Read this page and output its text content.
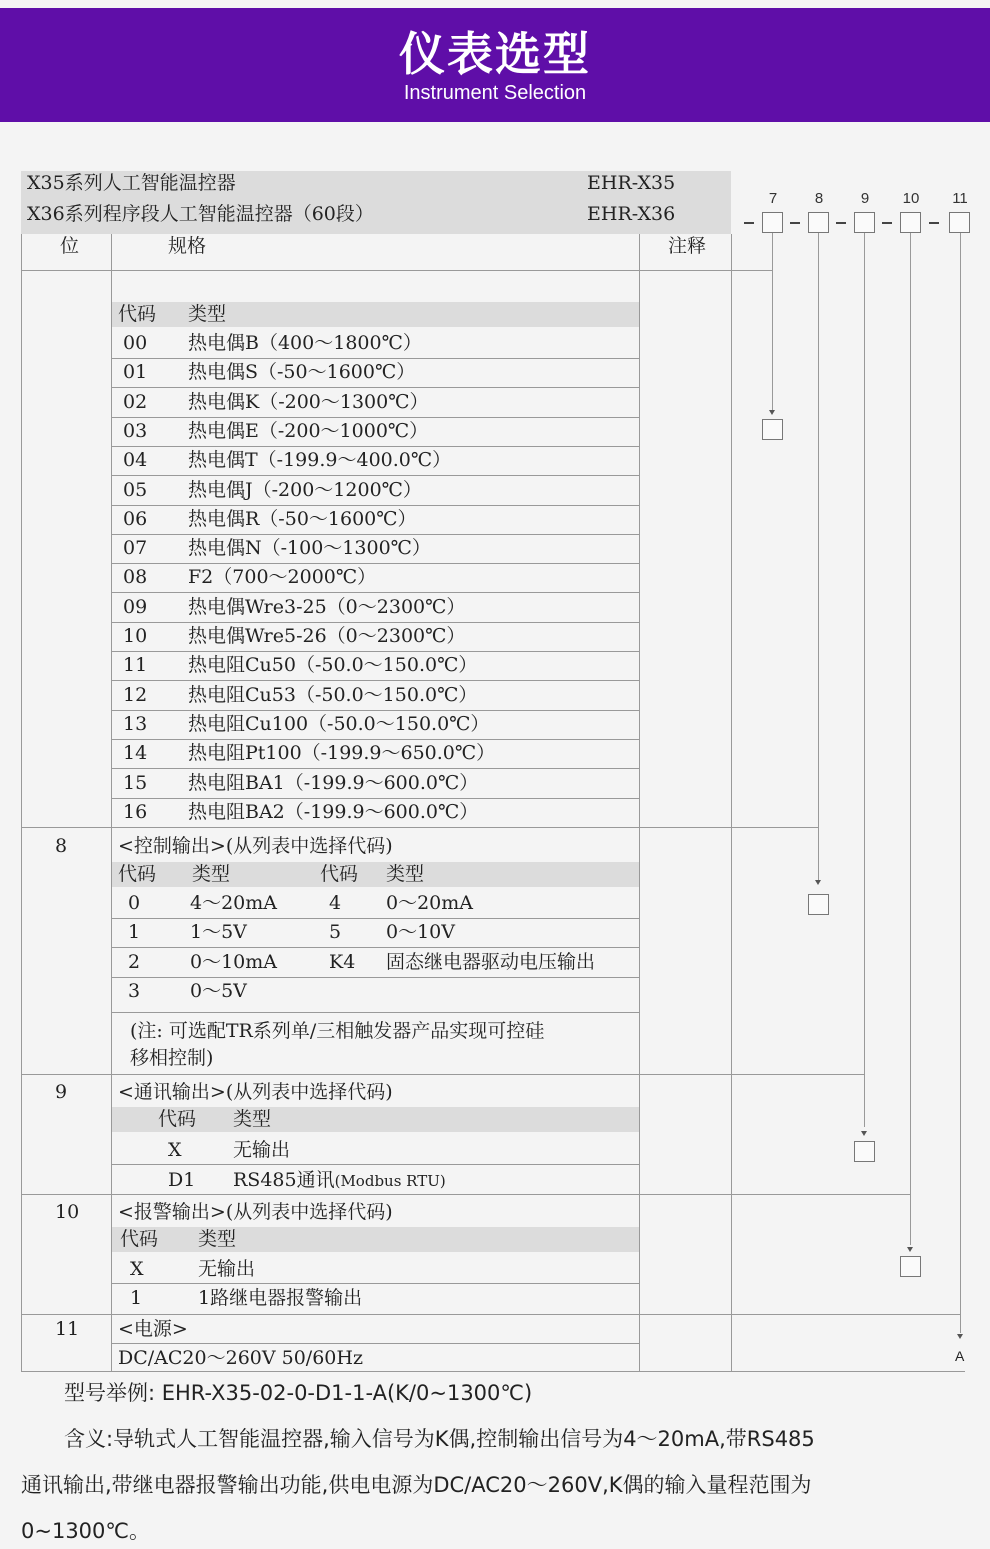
仪表选型
Instrument Selection
X35系列人工智能温控器	EHR-X35
X36系列程序段人工智能温控器（60段）	EHR-X36
位	规格	注释
7	8	9	10 11
A
代码 类型
00 热电偶B（400～1800℃）
01 热电偶S（-50～1600℃）
02 热电偶K（-200～1300℃）
03 热电偶E（-200～1000℃）
04 热电偶T（-199.9～400.0℃）
05 热电偶J（-200～1200℃）
06 热电偶R（-50～1600℃）
07 热电偶N（-100～1300℃）
08 F2（700～2000℃）
09 热电偶Wre3-25（0～2300℃）
10 热电偶Wre5-26（0～2300℃）
11 热电阻Cu50（-50.0～150.0℃）
12 热电阻Cu53（-50.0～150.0℃）
13 热电阻Cu100（-50.0～150.0℃）
14 热电阻Pt100（-199.9～650.0℃）
15 热电阻BA1（-199.9～600.0℃）
16 热电阻BA2（-199.9～600.0℃）
8	<控制输出>(从列表中选择代码)
代码 类型	代码 类型
0	4～20mA	4 0～20mA
1	1～5V	5 0～10V
2	0～10mA	K4 固态继电器驱动电压输出
3	0～5V
(注: 可选配TR系列单/三相触发器产品实现可控硅
移相控制)
9	<通讯输出>(从列表中选择代码)
代码 类型
X	无输出
D1 RS485通讯(Modbus RTU)
10 <报警输出>(从列表中选择代码)
代码 类型
X	无输出
1	1路继电器报警输出
11 <电源>
DC/AC20～260V 50/60Hz
型号举例: EHR-X35-02-0-D1-1-A(K/0~1300℃)
含义:导轨式人工智能温控器,输入信号为K偶,控制输出信号为4～20mA,带RS485
通讯输出,带继电器报警输出功能,供电电源为DC/AC20～260V,K偶的输入量程范围为
0~1300℃。
